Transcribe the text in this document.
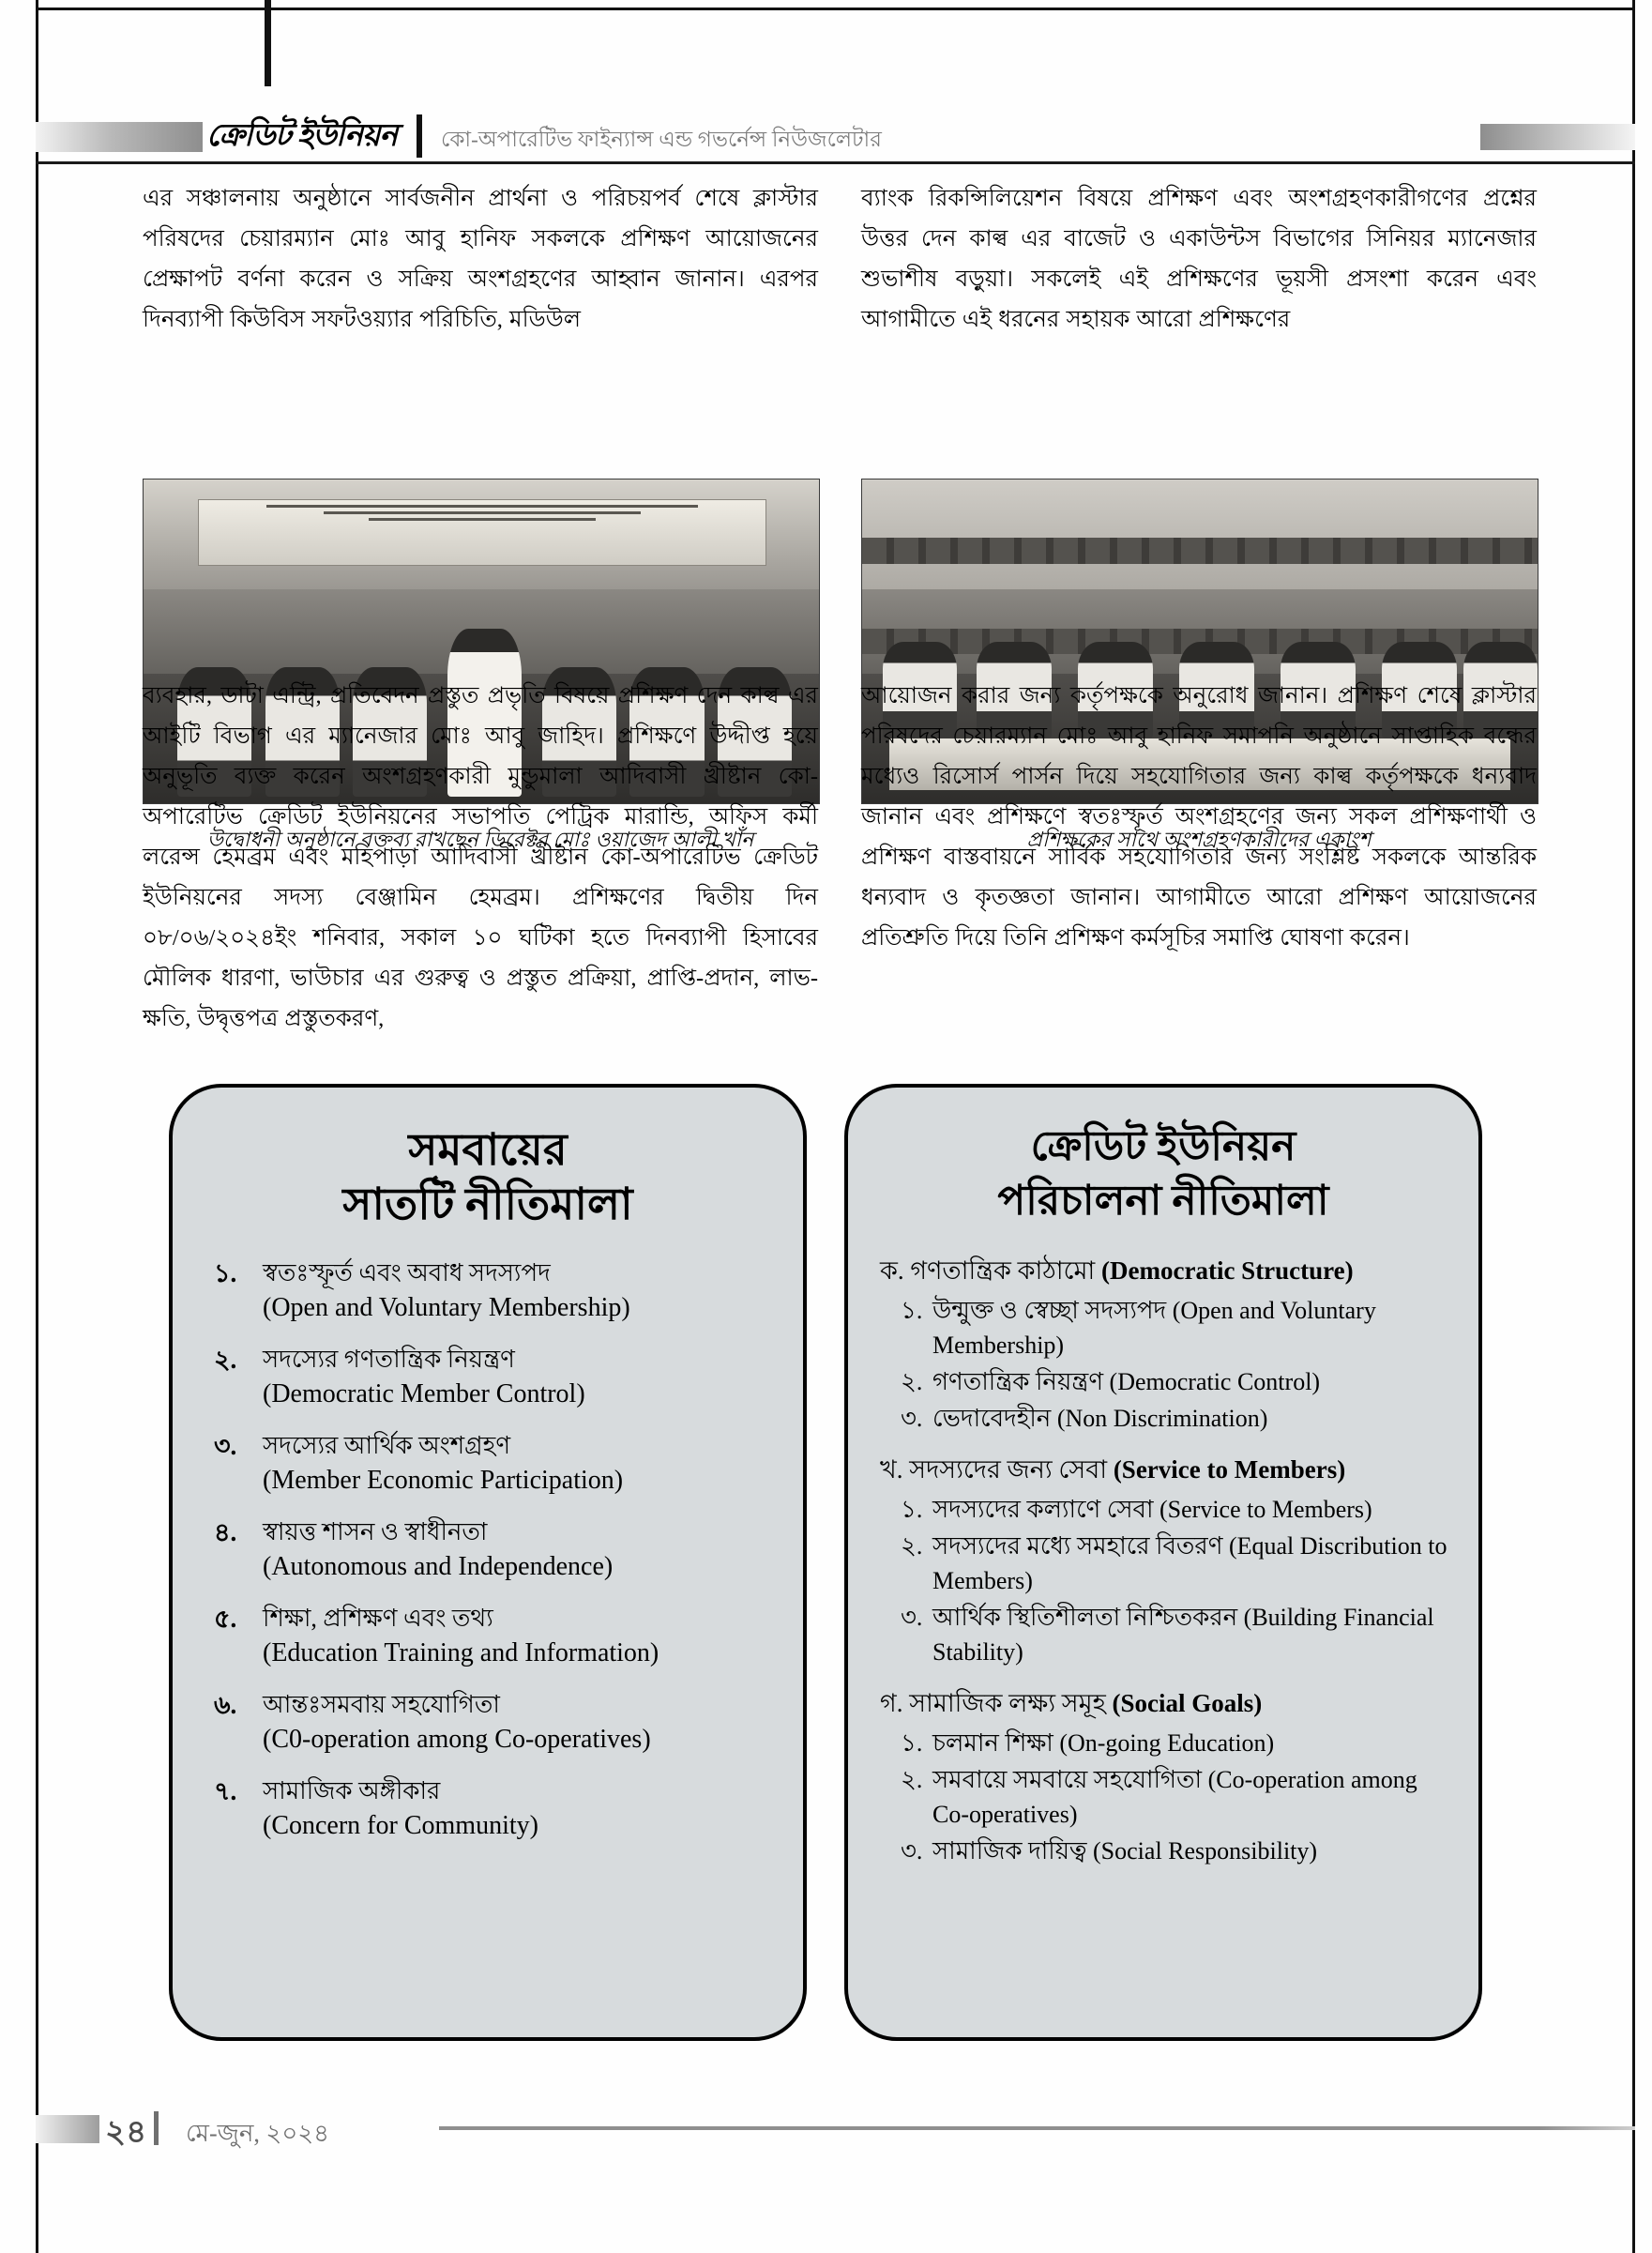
ক্রেডিট ইউনিয়ন কো-অপারেটিভ ফাইন্যান্স এন্ড গভর্নেন্স নিউজলেটার

এর সঞ্চালনায় অনুষ্ঠানে সার্বজনীন প্রার্থনা ও পরিচয়পর্ব শেষে ক্লাস্টার পরিষদের চেয়ারম্যান মোঃ আবু হানিফ সকলকে প্রশিক্ষণ আয়োজনের প্রেক্ষাপট বর্ণনা করেন ও সক্রিয় অংশগ্রহণের আহ্বান জানান। এরপর দিনব্যাপী কিউবিস সফটওয়্যার পরিচিতি, মডিউল

ব্যাংক রিকন্সিলিয়েশন বিষয়ে প্রশিক্ষণ এবং অংশগ্রহণকারীগণের প্রশ্নের উত্তর দেন কাল্ব এর বাজেট ও একাউন্টস বিভাগের সিনিয়র ম্যানেজার শুভাশীষ বড়ুয়া। সকলেই এই প্রশিক্ষণের ভূয়সী প্রসংশা করেন এবং আগামীতে এই ধরনের সহায়ক আরো প্রশিক্ষণের

উদ্বোধনী অনুষ্ঠানে বক্তব্য রাখছেন ডিরেক্টর মোঃ ওয়াজেদ আলী খাঁন	প্রশিক্ষকের সাথে অংশগ্রহণকারীদের একাংশ

ব্যবহার, ডাটা এন্ট্রি, প্রতিবেদন প্রস্তুত প্রভৃতি বিষয়ে প্রশিক্ষণ দেন কাল্ব এর আইটি বিভাগ এর ম্যানেজার মোঃ আবু জাহিদ। প্রশিক্ষণে উদ্দীপ্ত হয়ে অনুভূতি ব্যক্ত করেন অংশগ্রহণকারী মুন্ডুমালা আদিবাসী খ্রীষ্টান কো-অপারেটিভ ক্রেডিট ইউনিয়নের সভাপতি পেট্রিক মারান্ডি, অফিস কর্মী লরেন্স হেমব্রম এবং মহিপাড়া আদিবাসী খ্রীষ্টান কো-অপারেটিভ ক্রেডিট ইউনিয়নের সদস্য বেঞ্জামিন হেমব্রম। প্রশিক্ষণের দ্বিতীয় দিন ০৮/০৬/২০২৪ইং শনিবার, সকাল ১০ ঘটিকা হতে দিনব্যাপী হিসাবের মৌলিক ধারণা, ভাউচার এর গুরুত্ব ও প্রস্তুত প্রক্রিয়া, প্রাপ্তি-প্রদান, লাভ-ক্ষতি, উদ্বৃত্তপত্র প্রস্তুতকরণ,

আয়োজন করার জন্য কর্তৃপক্ষকে অনুরোধ জানান। প্রশিক্ষণ শেষে ক্লাস্টার পরিষদের চেয়ারম্যান মোঃ আবু হানিফ সমাপনি অনুষ্ঠানে সাপ্তাহিক বন্ধের মধ্যেও রিসোর্স পার্সন দিয়ে সহযোগিতার জন্য কাল্ব কর্তৃপক্ষকে ধন্যবাদ জানান এবং প্রশিক্ষণে স্বতঃস্ফূর্ত অংশগ্রহণের জন্য সকল প্রশিক্ষণার্থী ও প্রশিক্ষণ বাস্তবায়নে সার্বিক সহযোগিতার জন্য সংশ্লিষ্ট সকলকে আন্তরিক ধন্যবাদ ও কৃতজ্ঞতা জানান। আগামীতে আরো প্রশিক্ষণ আয়োজনের প্রতিশ্রুতি দিয়ে তিনি প্রশিক্ষণ কর্মসূচির সমাপ্তি ঘোষণা করেন।

সমবায়ের
সাতটি নীতিমালা
১.	স্বতঃস্ফূর্ত এবং অবাধ সদস্যপদ
(Open and Voluntary Membership)
২.	সদস্যের গণতান্ত্রিক নিয়ন্ত্রণ
(Democratic Member Control)
৩.	সদস্যের আর্থিক অংশগ্রহণ
(Member Economic Participation)
৪.	স্বায়ত্ত শাসন ও স্বাধীনতা
(Autonomous and Independence)
৫.	শিক্ষা, প্রশিক্ষণ এবং তথ্য
(Education Training and Information)
৬.	আন্তঃসমবায় সহযোগিতা
(C0-operation among Co-operatives)
৭.	সামাজিক অঙ্গীকার
(Concern for Community)
ক্রেডিট ইউনিয়ন
পরিচালনা নীতিমালা
ক. গণতান্ত্রিক কাঠামো (Democratic Structure)
১. উন্মুক্ত ও স্বেচ্ছা সদস্যপদ (Open and Voluntary Membership)
২. গণতান্ত্রিক নিয়ন্ত্রণ (Democratic Control)
৩. ভেদাবেদহীন (Non Discrimination)
খ. সদস্যদের জন্য সেবা (Service to Members)
১. সদস্যদের কল্যাণে সেবা (Service to Members)
২. সদস্যদের মধ্যে সমহারে বিতরণ (Equal Discribution to Members)
৩. আর্থিক স্থিতিশীলতা নিশ্চিতকরন (Building Financial Stability)
গ. সামাজিক লক্ষ্য সমূহ (Social Goals)
১. চলমান শিক্ষা (On-going Education)
২. সমবায়ে সমবায়ে সহযোগিতা (Co-operation among Co-operatives)
৩. সামাজিক দায়িত্ব (Social Responsibility)
২৪ মে-জুন, ২০২৪
